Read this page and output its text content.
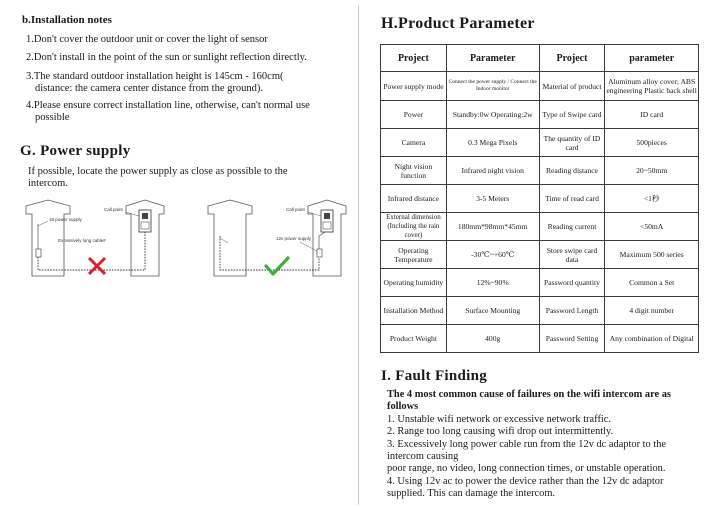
b.Installation notes
1.Don't cover the outdoor unit or cover the light of sensor
2.Don't install in the point of the sun or sunlight reflection directly.
3.The standard outdoor installation height is 145cm - 160cm(
distance: the camera center distance from the ground).
4.Please ensure correct installation line, otherwise, can't normal use
possible
G. Power supply
If possible, locate the power supply as close as possible to the
intercom.
18 power supply
Call point
Excessively long cable#
Call point
12v power supply
H.Product Parameter
Project	Parameter	Project	parameter
Power supply mode	Connect the power supply / Connect the Indoor monitor	Material of product	Aluminum alloy cover; ABS engineering Plastic back shell
Power	Standby:0w Operating:2w	Type of Swipe card	ID card
Camera	0.3 Mega Pixels	The quantity of ID card	500pieces
Night vision function	Infrared night vision	Reading distance	20~50mm
Infrared distance	3-5 Meters	Time of read card	<1秒
External dimension (Including the rain cover)	180mm*98mm*45mm	Reading current	<50mA
Operating Temperature	-30℃~+60℃	Store swipe card data	Maximum 500 series
Operating humidity	12%~90%	Password quantity	Common a Set
Installation Method	Surface Mounting	Password Length	4 digit number
Product Weight	400g	Password Setting	Any combination of Digital
I. Fault Finding
The 4 most common cause of failures on the wifi intercom are as follows
1. Unstable wifi network or excessive network traffic.
2. Range too long causing wifi drop out intermittently.
3. Excessively long power cable run from the 12v dc adaptor to the intercom causing
poor range, no video, long connection times, or unstable operation.
4. Using 12v ac to power the device rather than the 12v dc adaptor supplied. This can damage the intercom.
